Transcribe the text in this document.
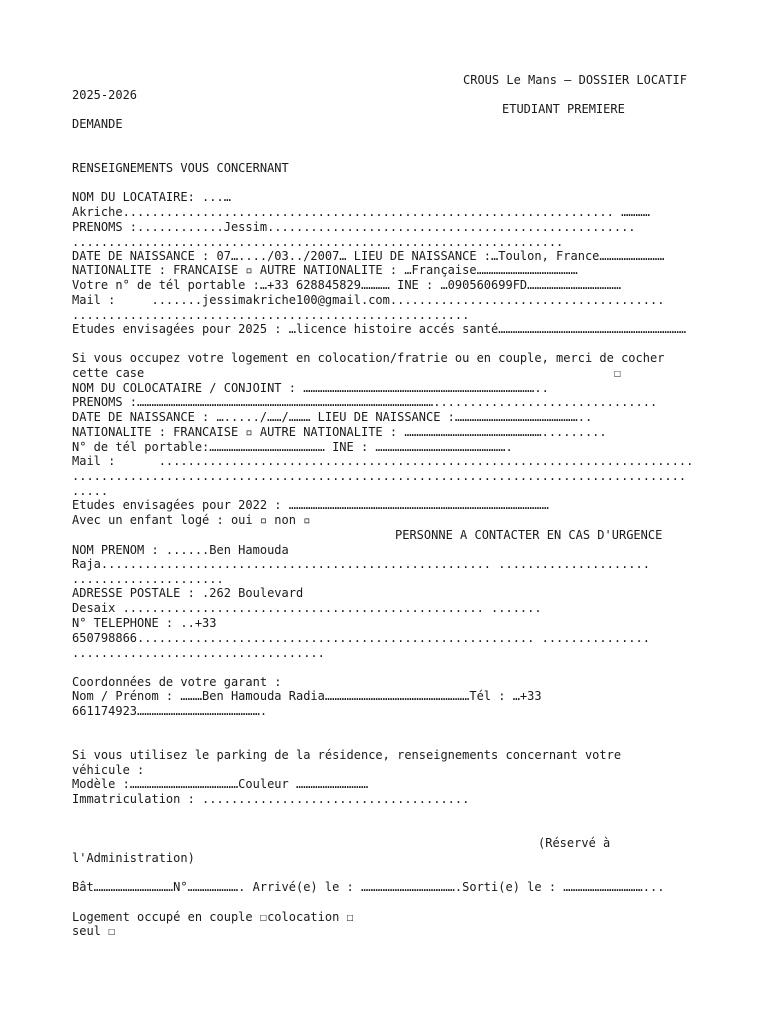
CROUS Le Mans – DOSSIER LOCATIF
2025-2026
ETUDIANT PREMIERE
DEMANDE
RENSEIGNEMENTS VOUS CONCERNANT
NOM DU LOCATAIRE: ...…
Akriche.................................................................... …………
PRENOMS :............Jessim...................................................
....................................................................
DATE DE NAISSANCE : 07…..../03../2007… LIEU DE NAISSANCE :…Toulon, France………………………
NATIONALITE : FRANCAISE ▫ AUTRE NATIONALITE : …Française……………………………………
Votre n° de tél portable :…+33 628845829………… INE : …090560699FD…………………………………
Mail :     .......jessimakriche100@gmail.com......................................
.......................................................
Etudes envisagées pour 2025 : …licence histoire accés santé……………………………………………………………………
Si vous occupez votre logement en colocation/fratrie ou en couple, merci de cocher
cette case                                                                 ☐
NOM DU COLOCATAIRE / CONJOINT : ……………………………………………………………………………………..
PRENOMS :……………………………………………………………………………………………………………...............................
DATE DE NAISSANCE : …...../……/……… LIEU DE NAISSANCE :……………………………………………..
NATIONALITE : FRANCAISE ▫ AUTRE NATIONALITE : ………………………………………………….........
N° de tél portable:………………………………………… INE : ……………………………………………….
Mail :      ..........................................................................
.....................................................................................
.....
Etudes envisagées pour 2022 : ………………………………………………………………………………………………
Avec un enfant logé : oui ▫ non ▫
PERSONNE A CONTACTER EN CAS D'URGENCE
NOM PRENOM : ......Ben Hamouda
Raja...................................................... .....................
.....................
ADRESSE POSTALE : .262 Boulevard
Desaix .................................................. .......
N° TELEPHONE : ..+33
650798866....................................................... ...............
...................................
Coordonnées de votre garant :
Nom / Prénom : ………Ben Hamouda Radia……………………………………………………Tél : …+33
661174923…………………………………………….
Si vous utilisez le parking de la résidence, renseignements concernant votre
véhicule :
Modèle :………………………………………Couleur …………………………
Immatriculation : .....................................
(Réservé à
l'Administration)
Bât……………………………N°…………………. Arrivé(e) le : ………………………………….Sorti(e) le : ……………………………...
Logement occupé en couple ☐colocation ☐
seul ☐
